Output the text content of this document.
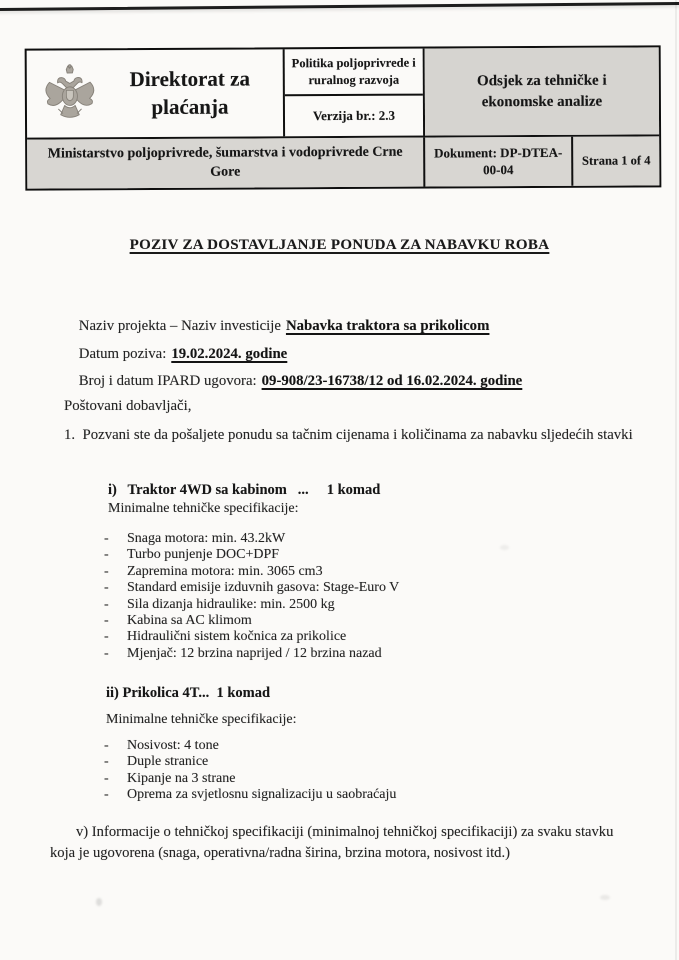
Direktorat za plaćanja
Politika poljoprivrede i ruralnog razvoja
Verzija br.: 2.3
Odsjek za tehničke i ekonomske analize
Ministarstvo poljoprivrede, šumarstva i vodoprivrede Crne Gore
Dokument: DP-DTEA-00-04
Strana 1 of 4
POZIV ZA DOSTAVLJANJE PONUDA ZA NABAVKU ROBA

Naziv projekta – Naziv investicije Nabavka traktora sa prikolicom

Datum poziva: 19.02.2024. godine

Broj i datum IPARD ugovora: 09-908/23-16738/12 od 16.02.2024. godine

Poštovani dobavljači,
1.  Pozvani ste da pošaljete ponudu sa tačnim cijenama i količinama za nabavku sljedećih stavki
i)   Traktor 4WD sa kabinom   ...     1 komad
Minimalne tehničke specifikacije:
- Snaga motora: min. 43.2kW
- Turbo punjenje DOC+DPF
- Zapremina motora: min. 3065 cm3
- Standard emisije izduvnih gasova: Stage-Euro V
- Sila dizanja hidraulike: min. 2500 kg
- Kabina sa AC klimom
- Hidraulični sistem kočnica za prikolice
- Mjenjač: 12 brzina naprijed / 12 brzina nazad
ii) Prikolica 4T...  1 komad
Minimalne tehničke specifikacije:
- Nosivost: 4 tone
- Duple stranice
- Kipanje na 3 strane
- Oprema za svjetlosnu signalizaciju u saobraćaju
v) Informacije o tehničkoj specifikaciji (minimalnoj tehničkoj specifikaciji) za svaku stavku koja je ugovorena (snaga, operativna/radna širina, brzina motora, nosivost itd.)
